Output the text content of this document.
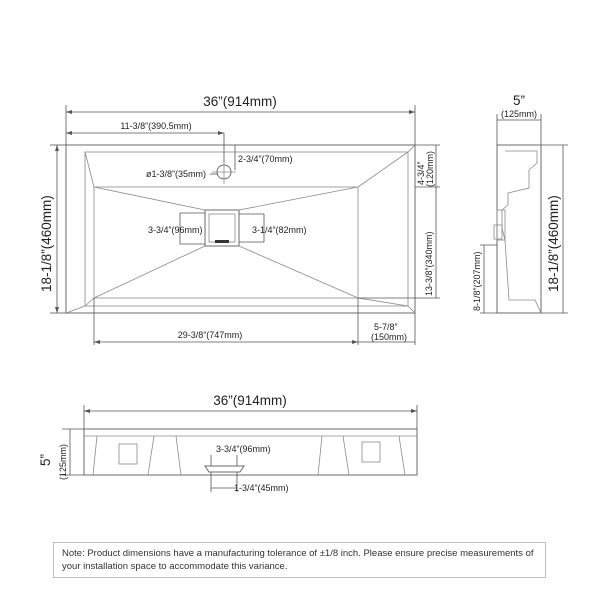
36”(914mm)
11-3/8”(390.5mm)
2-3/4”(70mm)
ø1-3/8”(35mm)
3-3/4”(96mm)	3-1/4”(82mm)
18-1/8”(460mm)
4-3/4” (120mm)
13-3/8”(340mm)
29-3/8”(747mm)
5-7/8”
(150mm)
5”
(125mm)
18-1/8”(460mm)
8-1/8”(207mm)
36”(914mm)
5” (125mm)	3-3/4”(96mm)
1-3/4”(45mm)
Note: Product dimensions have a manufacturing tolerance of ±1/8 inch. Please ensure precise measurements of your installation space to accommodate this variance.
